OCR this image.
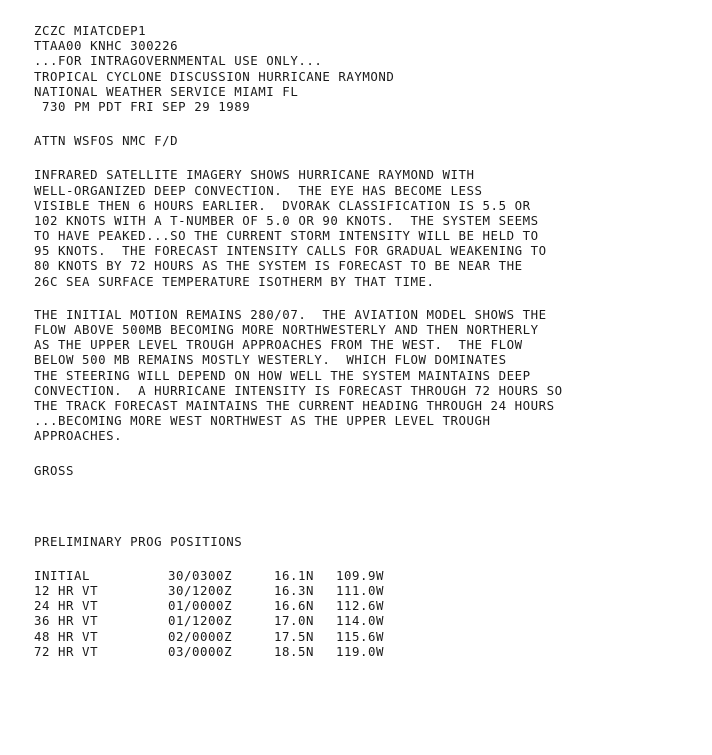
ZCZC MIATCDEP1
TTAA00 KNHC 300226
...FOR INTRAGOVERNMENTAL USE ONLY...
TROPICAL CYCLONE DISCUSSION HURRICANE RAYMOND
NATIONAL WEATHER SERVICE MIAMI FL
730 PM PDT FRI SEP 29 1989
ATTN WSFOS NMC F/D
INFRARED SATELLITE IMAGERY SHOWS HURRICANE RAYMOND WITH
WELL-ORGANIZED DEEP CONVECTION.  THE EYE HAS BECOME LESS
VISIBLE THEN 6 HOURS EARLIER.  DVORAK CLASSIFICATION IS 5.5 OR
102 KNOTS WITH A T-NUMBER OF 5.0 OR 90 KNOTS.  THE SYSTEM SEEMS
TO HAVE PEAKED...SO THE CURRENT STORM INTENSITY WILL BE HELD TO
95 KNOTS.  THE FORECAST INTENSITY CALLS FOR GRADUAL WEAKENING TO
80 KNOTS BY 72 HOURS AS THE SYSTEM IS FORECAST TO BE NEAR THE
26C SEA SURFACE TEMPERATURE ISOTHERM BY THAT TIME.
THE INITIAL MOTION REMAINS 280/07.  THE AVIATION MODEL SHOWS THE
FLOW ABOVE 500MB BECOMING MORE NORTHWESTERLY AND THEN NORTHERLY
AS THE UPPER LEVEL TROUGH APPROACHES FROM THE WEST.  THE FLOW
BELOW 500 MB REMAINS MOSTLY WESTERLY.  WHICH FLOW DOMINATES
THE STEERING WILL DEPEND ON HOW WELL THE SYSTEM MAINTAINS DEEP
CONVECTION.  A HURRICANE INTENSITY IS FORECAST THROUGH 72 HOURS SO
THE TRACK FORECAST MAINTAINS THE CURRENT HEADING THROUGH 24 HOURS
...BECOMING MORE WEST NORTHWEST AS THE UPPER LEVEL TROUGH
APPROACHES.
GROSS
PRELIMINARY PROG POSITIONS
INITIAL	30/0300Z	16.1N	109.9W
12 HR VT	30/1200Z	16.3N	111.0W
24 HR VT	01/0000Z	16.6N	112.6W
36 HR VT	01/1200Z	17.0N	114.0W
48 HR VT	02/0000Z	17.5N	115.6W
72 HR VT	03/0000Z	18.5N	119.0W
